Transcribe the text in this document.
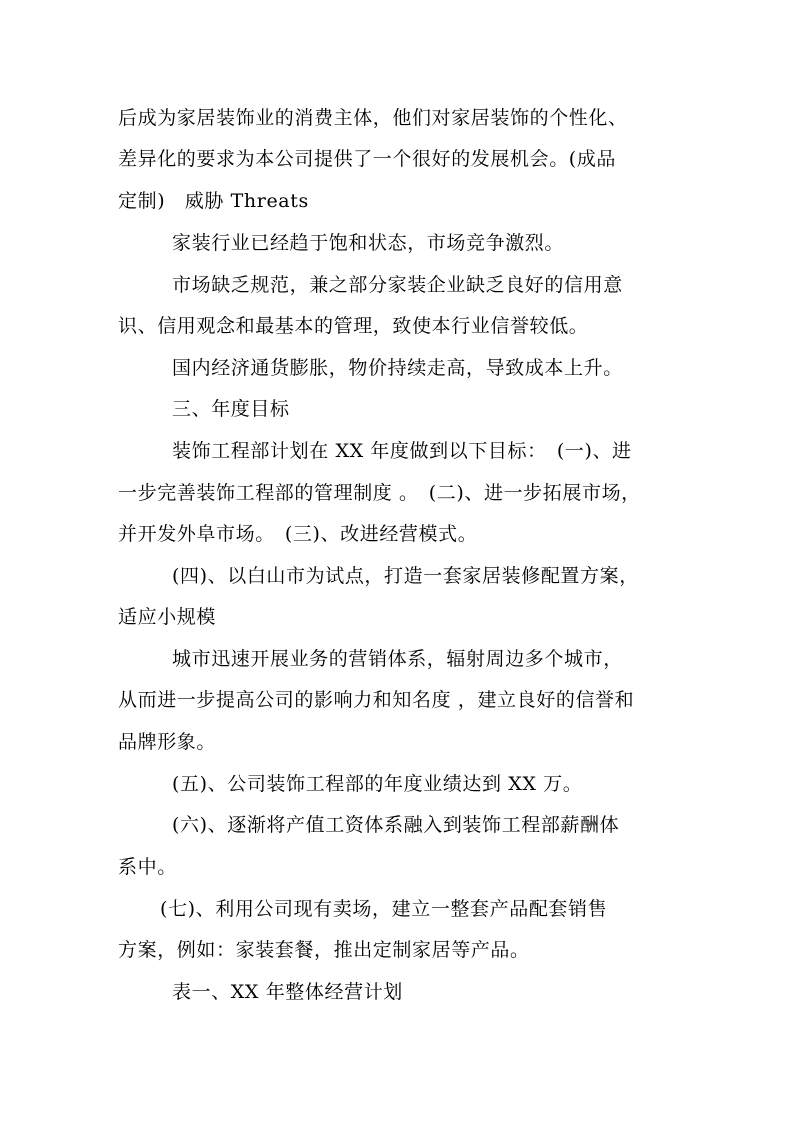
后成为家居装饰业的消费主体，他们对家居装饰的个性化、
差异化的要求为本公司提供了一个很好的发展机会。(成品
定制)　威胁 Threats
家装行业已经趋于饱和状态，市场竞争激烈。
市场缺乏规范，兼之部分家装企业缺乏良好的信用意
识、信用观念和最基本的管理，致使本行业信誉较低。
国内经济通货膨胀，物价持续走高，导致成本上升。
三、年度目标
装饰工程部计划在 XX 年度做到以下目标：　(一)、进
一步完善装饰工程部的管理制度 。　(二)、进一步拓展市场，
并开发外阜市场。　(三)、改进经营模式。
(四)、以白山市为试点，打造一套家居装修配置方案，
适应小规模
城市迅速开展业务的营销体系，辐射周边多个城市，
从而进一步提高公司的影响力和知名度 ，建立良好的信誉和
品牌形象。
(五)、公司装饰工程部的年度业绩达到 XX 万。
(六)、逐渐将产值工资体系融入到装饰工程部薪酬体
系中。
(七)、利用公司现有卖场，建立一整套产品配套销售
方案，例如：家装套餐，推出定制家居等产品。
表一、XX 年整体经营计划
